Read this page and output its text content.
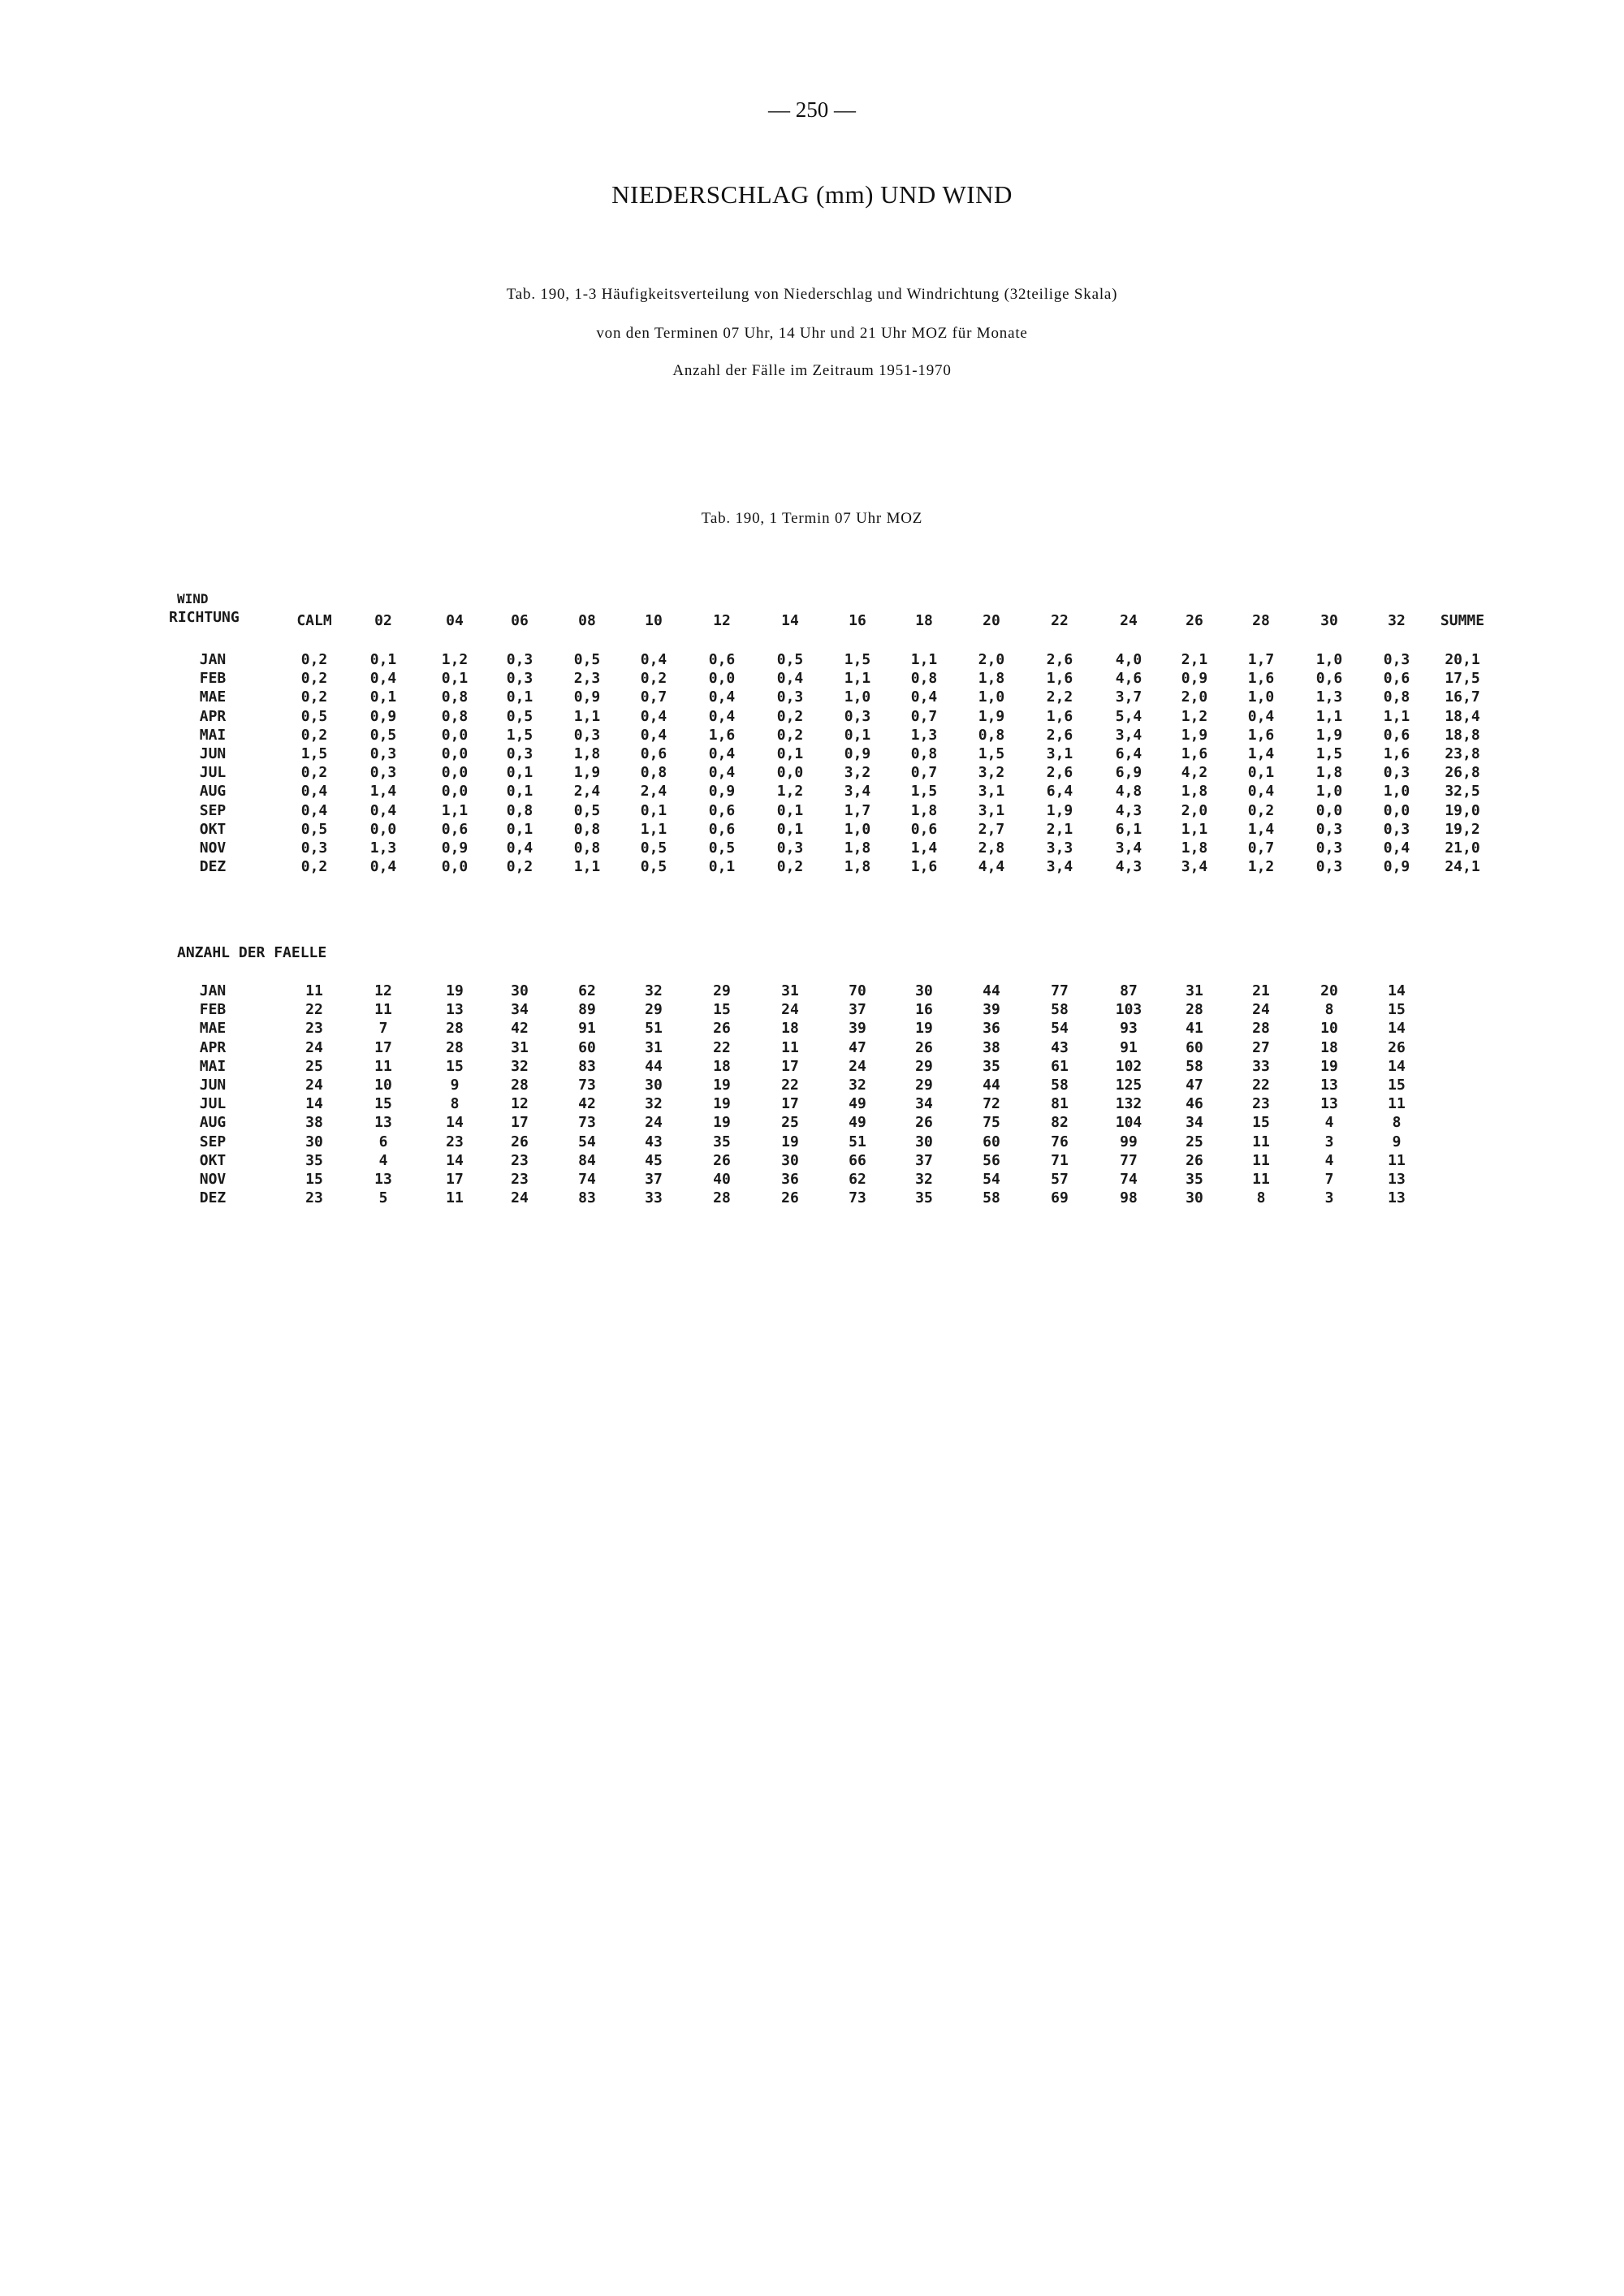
— 250 —
NIEDERSCHLAG (mm) UND WIND
Tab. 190, 1-3 Häufigkeitsverteilung von Niederschlag und Windrichtung (32teilige Skala)
von den Terminen 07 Uhr, 14 Uhr und 21 Uhr MOZ für Monate
Anzahl der Fälle im Zeitraum 1951-1970
Tab. 190, 1 Termin 07 Uhr MOZ
WIND
RICHTUNG	CALM	02	04	06	08	10	12	14	16	18	20	22	24	26	28	30	32 SUMME
JAN	0,2	0,1	1,2	0,3	0,5	0,4	0,6	0,5	1,5	1,1	2,0	2,6	4,0	2,1	1,7	1,0	0,3 20,1
FEB	0,2	0,4	0,1	0,3	2,3	0,2	0,0	0,4	1,1	0,8	1,8	1,6	4,6	0,9	1,6	0,6	0,6 17,5
MAE	0,2	0,1	0,8	0,1	0,9	0,7	0,4	0,3	1,0	0,4	1,0	2,2	3,7	2,0	1,0	1,3	0,8 16,7
APR	0,5	0,9	0,8	0,5	1,1	0,4	0,4	0,2	0,3	0,7	1,9	1,6	5,4	1,2	0,4	1,1	1,1 18,4
MAI	0,2	0,5	0,0	1,5	0,3	0,4	1,6	0,2	0,1	1,3	0,8	2,6	3,4	1,9	1,6	1,9	0,6 18,8
JUN	1,5	0,3	0,0	0,3	1,8	0,6	0,4	0,1	0,9	0,8	1,5	3,1	6,4	1,6	1,4	1,5	1,6 23,8
JUL	0,2	0,3	0,0	0,1	1,9	0,8	0,4	0,0	3,2	0,7	3,2	2,6	6,9	4,2	0,1	1,8	0,3 26,8
AUG	0,4	1,4	0,0	0,1	2,4	2,4	0,9	1,2	3,4	1,5	3,1	6,4	4,8	1,8	0,4	1,0	1,0 32,5
SEP	0,4	0,4	1,1	0,8	0,5	0,1	0,6	0,1	1,7	1,8	3,1	1,9	4,3	2,0	0,2	0,0	0,0 19,0
OKT	0,5	0,0	0,6	0,1	0,8	1,1	0,6	0,1	1,0	0,6	2,7	2,1	6,1	1,1	1,4	0,3	0,3 19,2
NOV	0,3	1,3	0,9	0,4	0,8	0,5	0,5	0,3	1,8	1,4	2,8	3,3	3,4	1,8	0,7	0,3	0,4 21,0
DEZ	0,2	0,4	0,0	0,2	1,1	0,5	0,1	0,2	1,8	1,6	4,4	3,4	4,3	3,4	1,2	0,3	0,9 24,1
ANZAHL DER FAELLE
JAN	11	12	19	30	62	32	29	31	70	30	44	77	87	31	21	20	14
FEB	22	11	13	34	89	29	15	24	37	16	39	58	103	28	24	8	15
MAE	23	7	28	42	91	51	26	18	39	19	36	54	93	41	28	10	14
APR	24	17	28	31	60	31	22	11	47	26	38	43	91	60	27	18	26
MAI	25	11	15	32	83	44	18	17	24	29	35	61	102	58	33	19	14
JUN	24	10	9	28	73	30	19	22	32	29	44	58	125	47	22	13	15
JUL	14	15	8	12	42	32	19	17	49	34	72	81	132	46	23	13	11
AUG	38	13	14	17	73	24	19	25	49	26	75	82	104	34	15	4	8
SEP	30	6	23	26	54	43	35	19	51	30	60	76	99	25	11	3	9
OKT	35	4	14	23	84	45	26	30	66	37	56	71	77	26	11	4	11
NOV	15	13	17	23	74	37	40	36	62	32	54	57	74	35	11	7	13
DEZ	23	5	11	24	83	33	28	26	73	35	58	69	98	30	8	3	13
